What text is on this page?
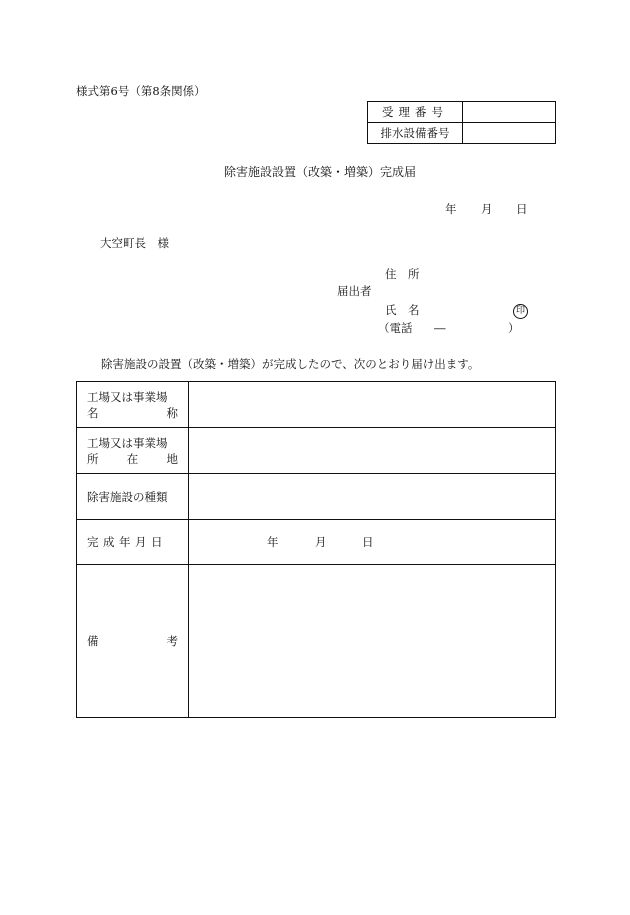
様式第6号（第8条関係）
受理番号	
排水設備番号	
除害施設設置（改築・増築）完成届
年 月 日
大空町長　様
住　所
届出者
氏　名	印
（電話 ―	）
除害施設の設置（改築・増築）が完成したので、次のとおり届け出ます。
工場又は事業場
名 称	

工場又は事業場
所 在 地	

除害施設の種類	
完成年月日	年 月 日

備 考	
